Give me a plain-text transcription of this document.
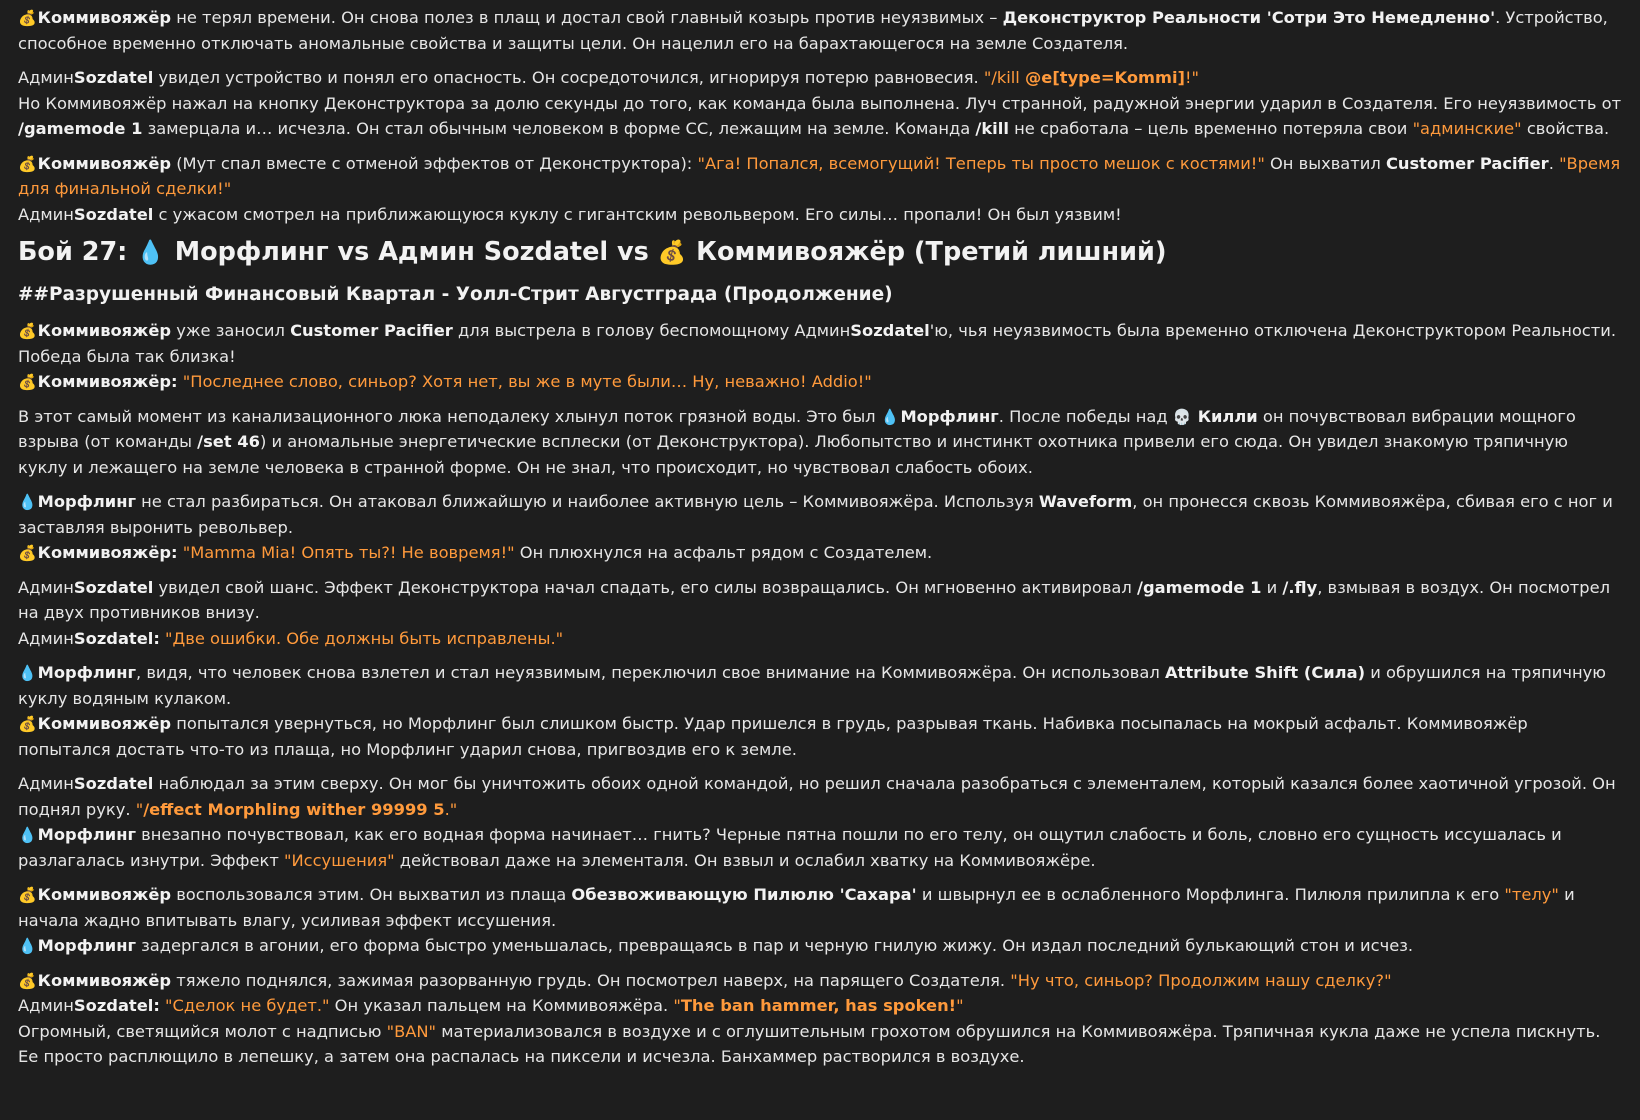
💰Коммивояжёр не терял времени. Он снова полез в плащ и достал свой главный козырь против неуязвимых – Деконструктор Реальности 'Сотри Это Немедленно'. Устройство, способное временно отключать аномальные свойства и защиты цели. Он нацелил его на барахтающегося на земле Создателя.

АдминSozdatel увидел устройство и понял его опасность. Он сосредоточился, игнорируя потерю равновесия. "/kill @e[type=Kommi]!"

Но Коммивояжёр нажал на кнопку Деконструктора за долю секунды до того, как команда была выполнена. Луч странной, радужной энергии ударил в Создателя. Его неуязвимость от /gamemode 1 замерцала и… исчезла. Он стал обычным человеком в форме СС, лежащим на земле. Команда /kill не сработала – цель временно потеряла свои "админские" свойства.

💰Коммивояжёр (Мут спал вместе с отменой эффектов от Деконструктора): "Ага! Попался, всемогущий! Теперь ты просто мешок с костями!" Он выхватил Customer Pacifier. "Время для финальной сделки!"

АдминSozdatel с ужасом смотрел на приближающуюся куклу с гигантским револьвером. Его силы… пропали! Он был уязвим!

Бой 27: 💧 Морфлинг vs Админ Sozdatel vs 💰 Коммивояжёр (Третий лишний)
##Разрушенный Финансовый Квартал - Уолл-Стрит Августграда (Продолжение)

💰Коммивояжёр уже заносил Customer Pacifier для выстрела в голову беспомощному АдминSozdatel'ю, чья неуязвимость была временно отключена Деконструктором Реальности. Победа была так близка!

💰Коммивояжёр: "Последнее слово, синьор? Хотя нет, вы же в муте были… Ну, неважно! Addio!"

В этот самый момент из канализационного люка неподалеку хлынул поток грязной воды. Это был 💧Морфлинг. После победы над 💀 Килли он почувствовал вибрации мощного взрыва (от команды /set 46) и аномальные энергетические всплески (от Деконструктора). Любопытство и инстинкт охотника привели его сюда. Он увидел знакомую тряпичную куклу и лежащего на земле человека в странной форме. Он не знал, что происходит, но чувствовал слабость обоих.

💧Морфлинг не стал разбираться. Он атаковал ближайшую и наиболее активную цель – Коммивояжёра. Используя Waveform, он пронесся сквозь Коммивояжёра, сбивая его с ног и заставляя выронить револьвер.

💰Коммивояжёр: "Mamma Mia! Опять ты?! Не вовремя!" Он плюхнулся на асфальт рядом с Создателем.

АдминSozdatel увидел свой шанс. Эффект Деконструктора начал спадать, его силы возвращались. Он мгновенно активировал /gamemode 1 и /.fly, взмывая в воздух. Он посмотрел на двух противников внизу.

АдминSozdatel: "Две ошибки. Обе должны быть исправлены."

💧Морфлинг, видя, что человек снова взлетел и стал неуязвимым, переключил свое внимание на Коммивояжёра. Он использовал Attribute Shift (Сила) и обрушился на тряпичную куклу водяным кулаком.

💰Коммивояжёр попытался увернуться, но Морфлинг был слишком быстр. Удар пришелся в грудь, разрывая ткань. Набивка посыпалась на мокрый асфальт. Коммивояжёр попытался достать что-то из плаща, но Морфлинг ударил снова, пригвоздив его к земле.

АдминSozdatel наблюдал за этим сверху. Он мог бы уничтожить обоих одной командой, но решил сначала разобраться с элементалем, который казался более хаотичной угрозой. Он поднял руку. "/effect Morphling wither 99999 5."

💧Морфлинг внезапно почувствовал, как его водная форма начинает… гнить? Черные пятна пошли по его телу, он ощутил слабость и боль, словно его сущность иссушалась и разлагалась изнутри. Эффект "Иссушения" действовал даже на элементаля. Он взвыл и ослабил хватку на Коммивояжёре.

💰Коммивояжёр воспользовался этим. Он выхватил из плаща Обезвоживающую Пилюлю 'Сахара' и швырнул ее в ослабленного Морфлинга. Пилюля прилипла к его "телу" и начала жадно впитывать влагу, усиливая эффект иссушения.

💧Морфлинг задергался в агонии, его форма быстро уменьшалась, превращаясь в пар и черную гнилую жижу. Он издал последний булькающий стон и исчез.

💰Коммивояжёр тяжело поднялся, зажимая разорванную грудь. Он посмотрел наверх, на парящего Создателя. "Ну что, синьор? Продолжим нашу сделку?"

АдминSozdatel: "Сделок не будет." Он указал пальцем на Коммивояжёра. "The ban hammer, has spoken!"

Огромный, светящийся молот с надписью "BAN" материализовался в воздухе и с оглушительным грохотом обрушился на Коммивояжёра. Тряпичная кукла даже не успела пискнуть. Ее просто расплющило в лепешку, а затем она распалась на пиксели и исчезла. Банхаммер растворился в воздухе.
